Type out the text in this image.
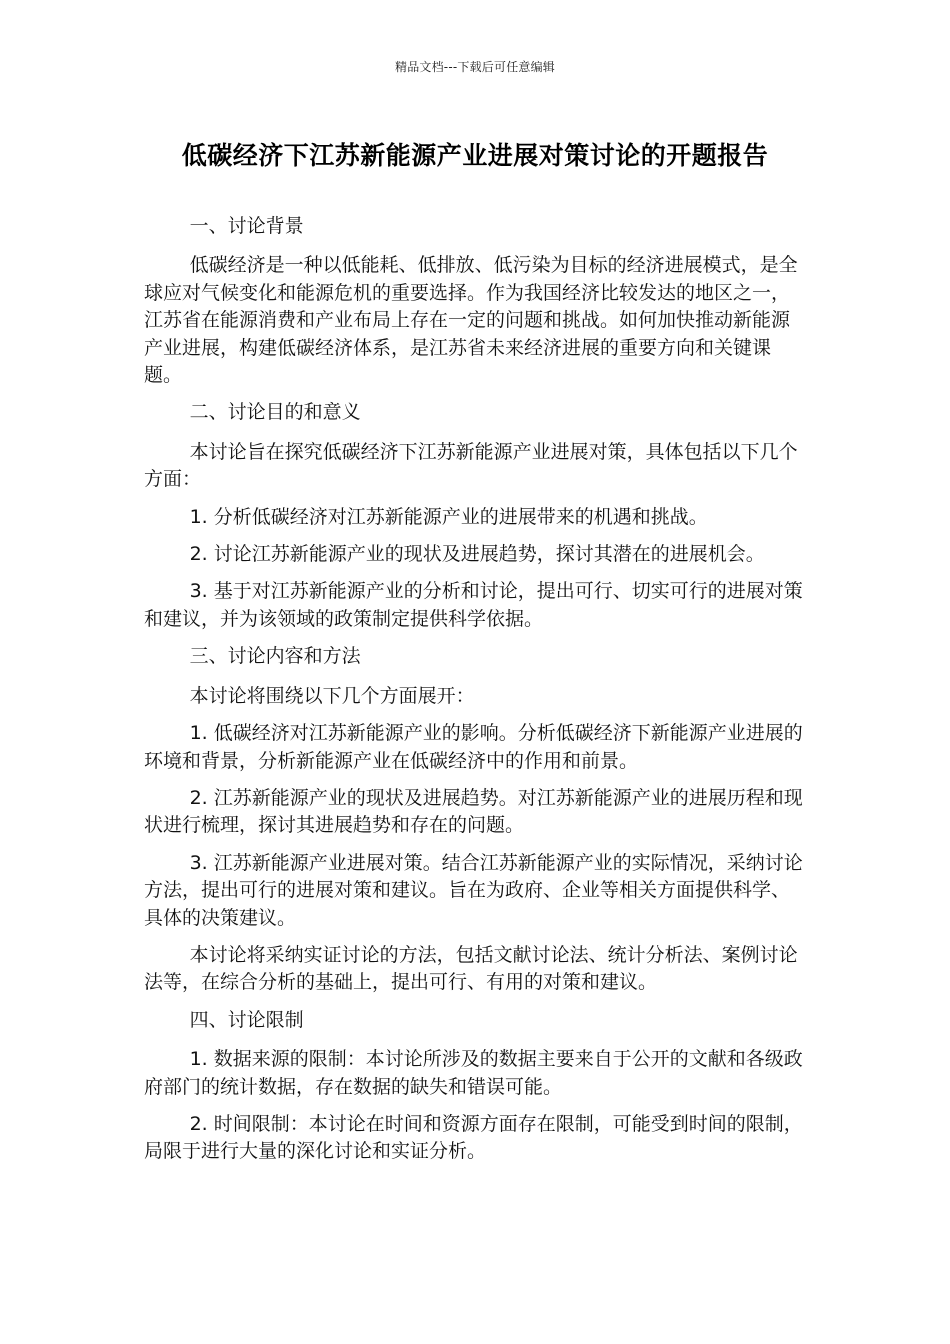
精品文档---下载后可任意编辑
低碳经济下江苏新能源产业进展对策讨论的开题报告

一、讨论背景

低碳经济是一种以低能耗、低排放、低污染为目标的经济进展模式，是全球应对气候变化和能源危机的重要选择。作为我国经济比较发达的地区之一，江苏省在能源消费和产业布局上存在一定的问题和挑战。如何加快推动新能源产业进展，构建低碳经济体系，是江苏省未来经济进展的重要方向和关键课题。

二、讨论目的和意义

本讨论旨在探究低碳经济下江苏新能源产业进展对策，具体包括以下几个方面：

1. 分析低碳经济对江苏新能源产业的进展带来的机遇和挑战。

2. 讨论江苏新能源产业的现状及进展趋势，探讨其潜在的进展机会。

3. 基于对江苏新能源产业的分析和讨论，提出可行、切实可行的进展对策和建议，并为该领域的政策制定提供科学依据。

三、讨论内容和方法

本讨论将围绕以下几个方面展开：

1. 低碳经济对江苏新能源产业的影响。分析低碳经济下新能源产业进展的环境和背景，分析新能源产业在低碳经济中的作用和前景。

2. 江苏新能源产业的现状及进展趋势。对江苏新能源产业的进展历程和现状进行梳理，探讨其进展趋势和存在的问题。

3. 江苏新能源产业进展对策。结合江苏新能源产业的实际情况，采纳讨论方法，提出可行的进展对策和建议。旨在为政府、企业等相关方面提供科学、具体的决策建议。

本讨论将采纳实证讨论的方法，包括文献讨论法、统计分析法、案例讨论法等，在综合分析的基础上，提出可行、有用的对策和建议。

四、讨论限制

1. 数据来源的限制：本讨论所涉及的数据主要来自于公开的文献和各级政府部门的统计数据，存在数据的缺失和错误可能。

2. 时间限制：本讨论在时间和资源方面存在限制，可能受到时间的限制，局限于进行大量的深化讨论和实证分析。
